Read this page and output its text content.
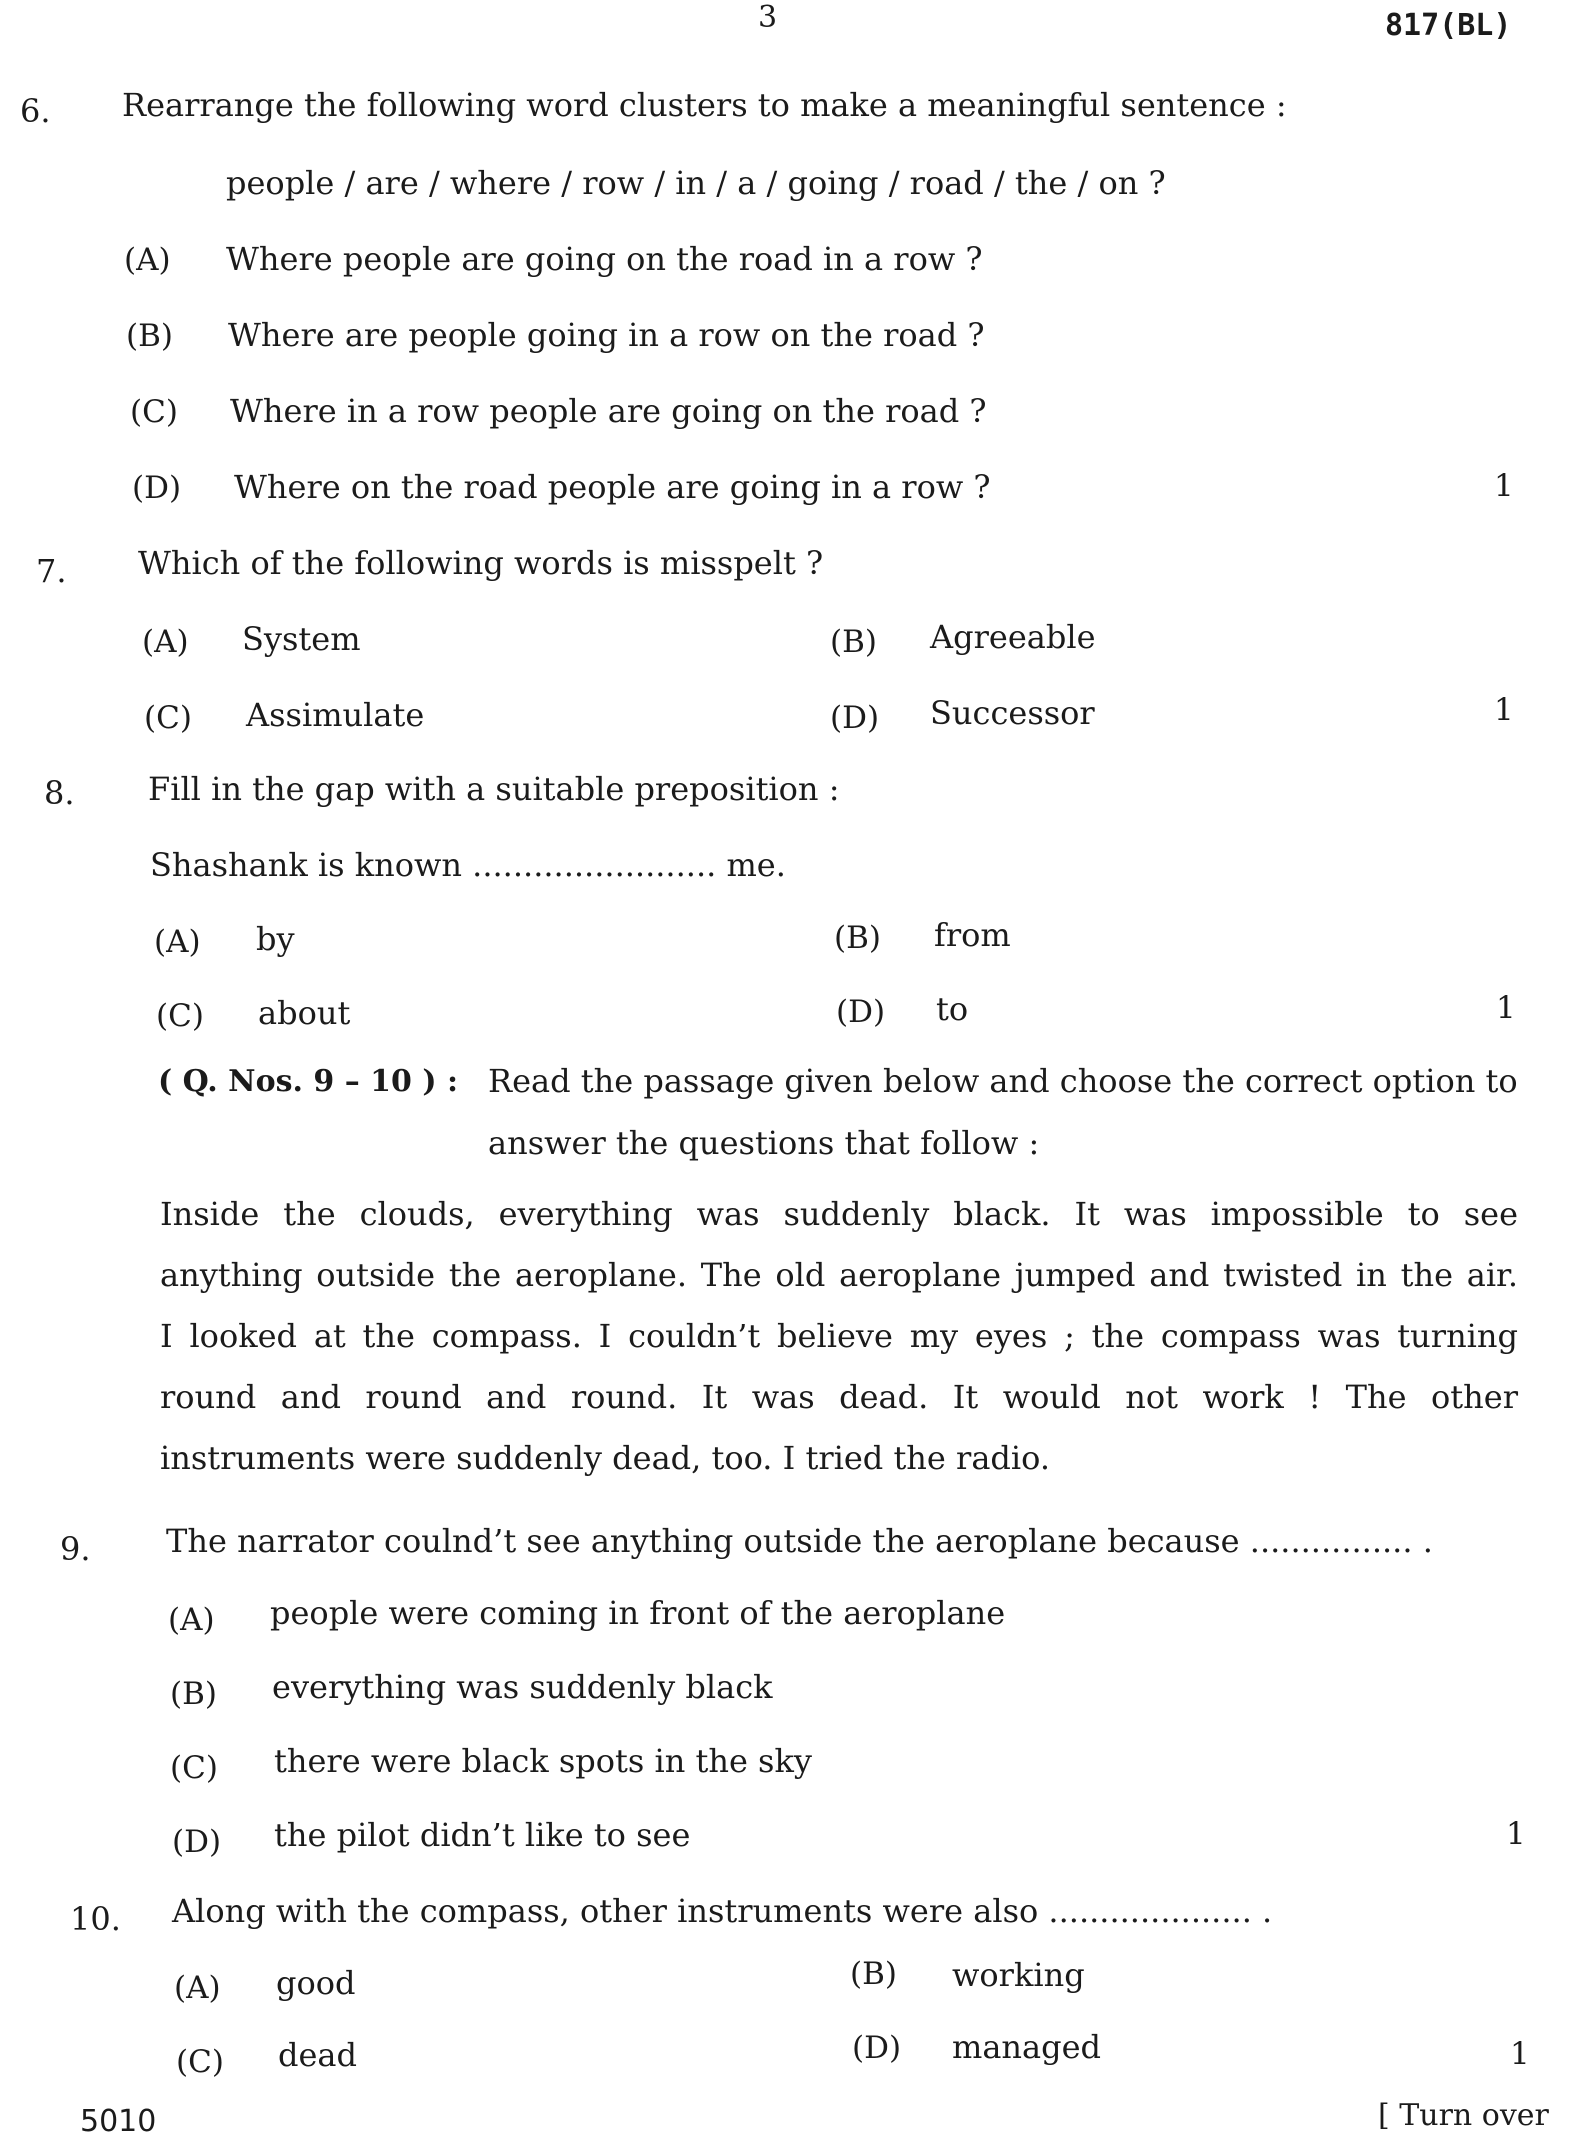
3	817(BL)
6. Rearrange the following word clusters to make a meaningful sentence :
people / are / where / row / in / a / going / road / the / on ?
(A) Where people are going on the road in a row ?
(B) Where are people going in a row on the road ?
(C) Where in a row people are going on the road ?
(D) Where on the road people are going in a row ?	1
7. Which of the following words is misspelt ?
(A) System	(B) Agreeable
(C) Assimulate	(D) Successor	1
8. Fill in the gap with a suitable preposition :
Shashank is known ........................ me.
(A) by	(B) from
(C) about	(D) to	1
( Q. Nos. 9 – 10 ) : Read the passage given below and choose the correct option to
answer the questions that follow :
Inside the clouds, everything was suddenly black. It was impossible to see
anything outside the aeroplane. The old aeroplane jumped and twisted in the air.
I looked at the compass. I couldn’t believe my eyes ; the compass was turning
round and round and round. It was dead. It would not work ! The other
instruments were suddenly dead, too. I tried the radio.
9. The narrator coulnd’t see anything outside the aeroplane because ................ .
(A) people were coming in front of the aeroplane
(B) everything was suddenly black
(C) there were black spots in the sky
(D) the pilot didn’t like to see	1
10. Along with the compass, other instruments were also .................... .
(A) good	(B) working
(C) dead	(D) managed	1
5010	[ Turn over
